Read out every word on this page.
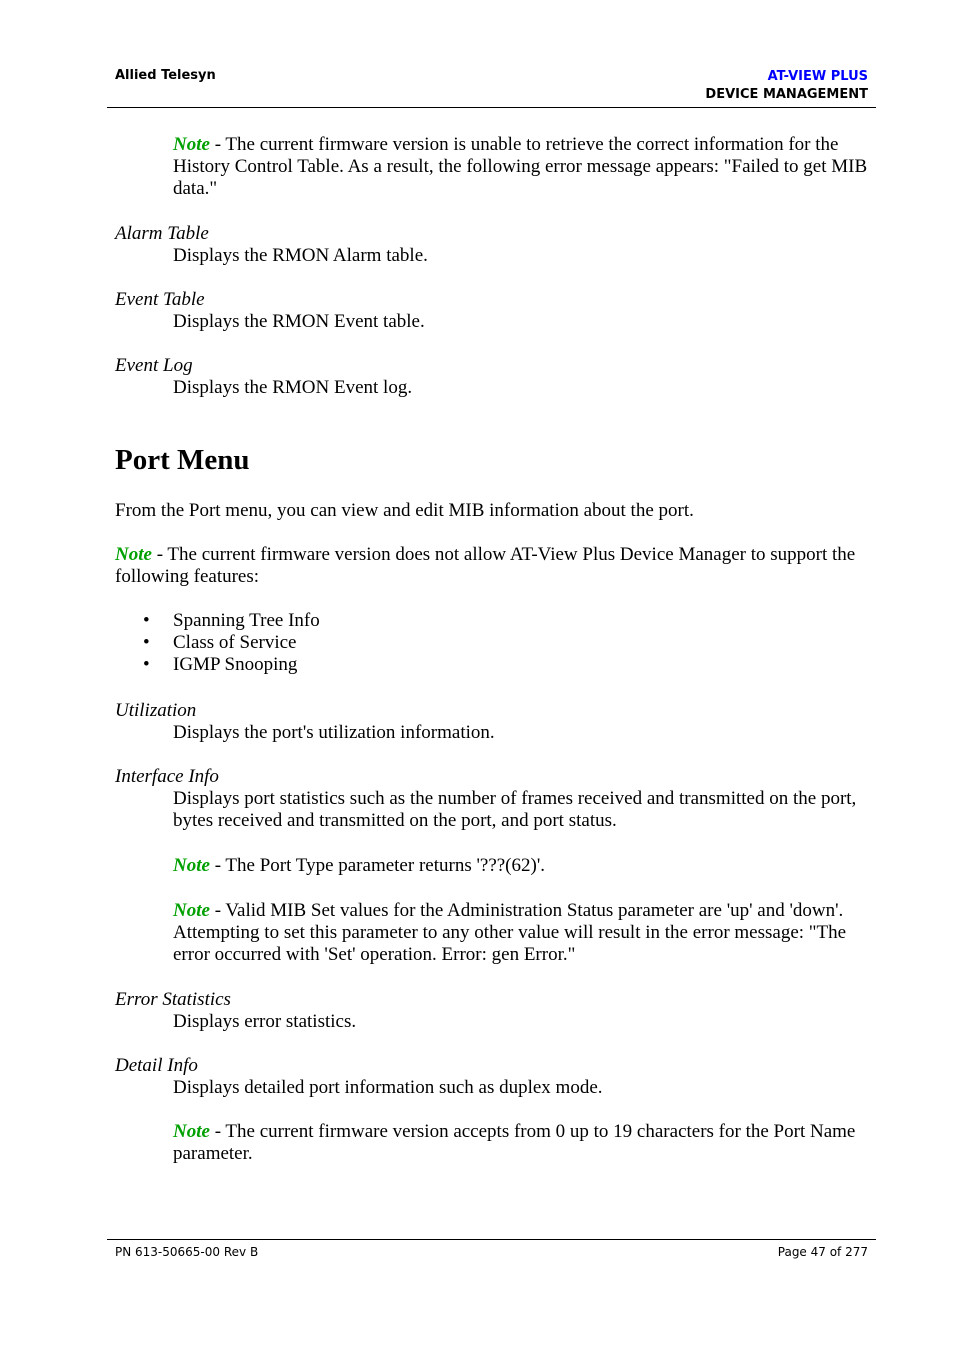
Allied Telesyn	AT-VIEW PLUS
DEVICE MANAGEMENT
Note - The current firmware version is unable to retrieve the correct information for the History Control Table. As a result, the following error message appears: "Failed to get MIB data."
Alarm Table
Displays the RMON Alarm table.
Event Table
Displays the RMON Event table.
Event Log
Displays the RMON Event log.
Port Menu
From the Port menu, you can view and edit MIB information about the port.
Note - The current firmware version does not allow AT-View Plus Device Manager to support the following features:
• Spanning Tree Info
• Class of Service
• IGMP Snooping
Utilization
Displays the port's utilization information.
Interface Info
Displays port statistics such as the number of frames received and transmitted on the port, bytes received and transmitted on the port, and port status.
Note - The Port Type parameter returns '???(62)'.
Note - Valid MIB Set values for the Administration Status parameter are 'up' and 'down'. Attempting to set this parameter to any other value will result in the error message: "The error occurred with 'Set' operation. Error: gen Error."
Error Statistics
Displays error statistics.
Detail Info
Displays detailed port information such as duplex mode.
Note - The current firmware version accepts from 0 up to 19 characters for the Port Name parameter.
PN 613-50665-00 Rev B	Page 47 of 277
